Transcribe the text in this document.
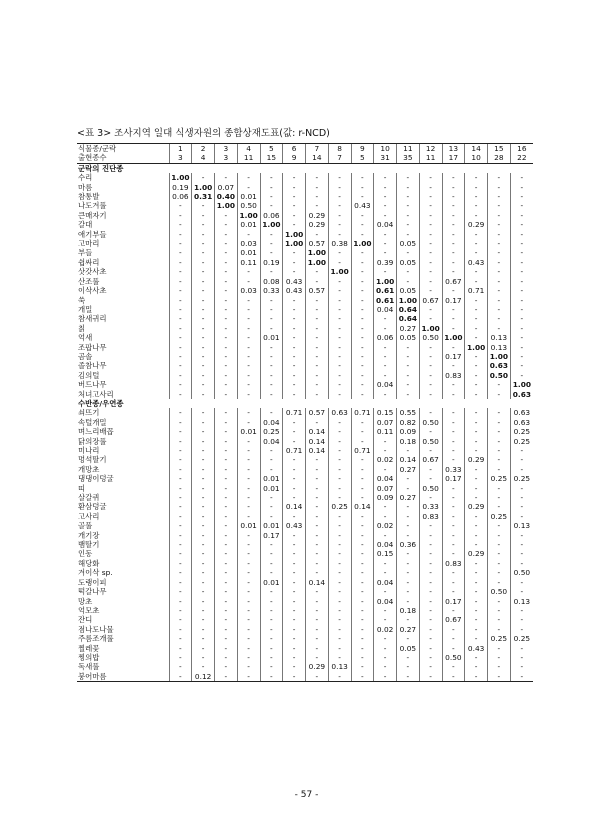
<표 3> 조사지역 일대 식생자원의 종합상재도표(값: r-NCD)
식물종/군락	1	2	3	4	5	6	7	8	9	10	11	12	13	14	15	16
출현종수	3	4	3	11	15	9	14	7	5	31	35	11	17	10	28	22
군락의 진단종																
수리	1.00	-	-	-	-	-	-	-	-	-	-	-	-	-	-	-
마름	0.19	1.00	0.07	-	-	-	-	-	-	-	-	-	-	-	-	-
참통발	0.06	0.31	0.40	0.01	-	-	-	-	-	-	-	-	-	-	-	-
나도겨풀	-	-	1.00	0.50	-	-	-	-	0.43	-	-	-	-	-	-	-
큰매자기	-	-	-	1.00	0.06	-	0.29	-	-	-	-	-	-	-	-	-
갈대	-	-	-	0.01	1.00	-	0.29	-	-	0.04	-	-	-	0.29	-	-
애기부들	-	-	-	-	-	1.00	-	-	-	-	-	-	-	-	-	-
고마리	-	-	-	0.03	-	1.00	0.57	0.38	1.00	-	0.05	-	-	-	-	-
부들	-	-	-	0.01	-	-	1.00	-	-	-	-	-	-	-	-	-
쉽싸리	-	-	-	0.11	0.19	-	1.00	-	-	0.39	0.05	-	-	0.43	-	-
삿갓사초	-	-	-	-	-	-	-	1.00	-	-	-	-	-	-	-	-
산조풀	-	-	-	-	0.08	0.43	-	-	-	1.00	-	-	0.67	-	-	-
이삭사초	-	-	-	0.03	0.33	0.43	0.57	-	-	0.61	0.05	-	-	0.71	-	-
쑥	-	-	-	-	-	-	-	-	-	0.61	1.00	0.67	0.17	-	-	-
개밀	-	-	-	-	-	-	-	-	-	0.04	0.64	-	-	-	-	-
참새귀리	-	-	-	-	-	-	-	-	-	-	0.64	-	-	-	-	-
칡	-	-	-	-	-	-	-	-	-	-	0.27	1.00	-	-	-	-
억새	-	-	-	-	0.01	-	-	-	-	0.06	0.05	0.50	1.00	-	0.13	-
조팝나무	-	-	-	-	-	-	-	-	-	-	-	-	-	1.00	0.13	-
곰솔	-	-	-	-	-	-	-	-	-	-	-	-	0.17	-	1.00	-
졸참나무	-	-	-	-	-	-	-	-	-	-	-	-	-	-	0.63	-
김의털	-	-	-	-	-	-	-	-	-	-	-	-	0.83	-	0.50	-
버드나무	-	-	-	-	-	-	-	-	-	0.04	-	-	-	-	-	1.00
처녀고사리	-	-	-	-	-	-	-	-	-	-	-	-	-	-	-	0.63
수반종/우연종																
쇠뜨기	-	-	-	-	-	0.71	0.57	0.63	0.71	0.15	0.55	-	-	-	-	0.63
속털개밀	-	-	-	-	0.04	-	-	-	-	0.07	0.82	0.50	-	-	-	0.63
며느리배꼽	-	-	-	0.01	0.25	-	0.14	-	-	0.11	0.09	-	-	-	-	0.25
닭의장풀	-	-	-	-	0.04	-	0.14	-	-	-	0.18	0.50	-	-	-	0.25
미나리	-	-	-	-	-	0.71	0.14	-	0.71	-	-	-	-	-	-	-
멍석딸기	-	-	-	-	-	-	-	-	-	0.02	0.14	0.67	-	0.29	-	-
개망초	-	-	-	-	-	-	-	-	-	-	0.27	-	0.33	-	-	-
댕댕이덩굴	-	-	-	-	0.01	-	-	-	-	0.04	-	-	0.17	-	0.25	0.25
띠	-	-	-	-	0.01	-	-	-	-	0.07	-	0.50	-	-	-	-
살갈퀴	-	-	-	-	-	-	-	-	-	0.09	0.27	-	-	-	-	-
환삼덩굴	-	-	-	-	-	0.14	-	0.25	0.14	-	-	0.33	-	0.29	-	-
고사리	-	-	-	-	-	-	-	-	-	-	-	0.83	-	-	0.25	-
골풀	-	-	-	0.01	0.01	0.43	-	-	-	0.02	-	-	-	-	-	0.13
개기장	-	-	-	-	0.17	-	-	-	-	-	-	-	-	-	-	-
뱀딸기	-	-	-	-	-	-	-	-	-	0.04	0.36	-	-	-	-	-
인동	-	-	-	-	-	-	-	-	-	0.15	-	-	-	0.29	-	-
해당화	-	-	-	-	-	-	-	-	-	-	-	-	0.83	-	-	-
겨이삭 sp.	-	-	-	-	-	-	-	-	-	-	-	-	-	-	-	0.50
도랭이피	-	-	-	-	0.01	-	0.14	-	-	0.04	-	-	-	-	-	-
떡갈나무	-	-	-	-	-	-	-	-	-	-	-	-	-	-	0.50	-
망초	-	-	-	-	-	-	-	-	-	0.04	-	-	0.17	-	-	0.13
억모초	-	-	-	-	-	-	-	-	-	-	0.18	-	-	-	-	-
잔디	-	-	-	-	-	-	-	-	-	-	-	-	0.67	-	-	-
점나도나물	-	-	-	-	-	-	-	-	-	0.02	0.27	-	-	-	-	-
주름조개풀	-	-	-	-	-	-	-	-	-	-	-	-	-	-	0.25	0.25
찔레꽃	-	-	-	-	-	-	-	-	-	-	0.05	-	-	0.43	-	-
찡의밥	-	-	-	-	-	-	-	-	-	-	-	-	0.50	-	-	-
독새풀	-	-	-	-	-	-	0.29	0.13	-	-	-	-	-	-	-	-
붕어마름	-	0.12	-	-	-	-	-	-	-	-	-	-	-	-	-	-
- 57 -
